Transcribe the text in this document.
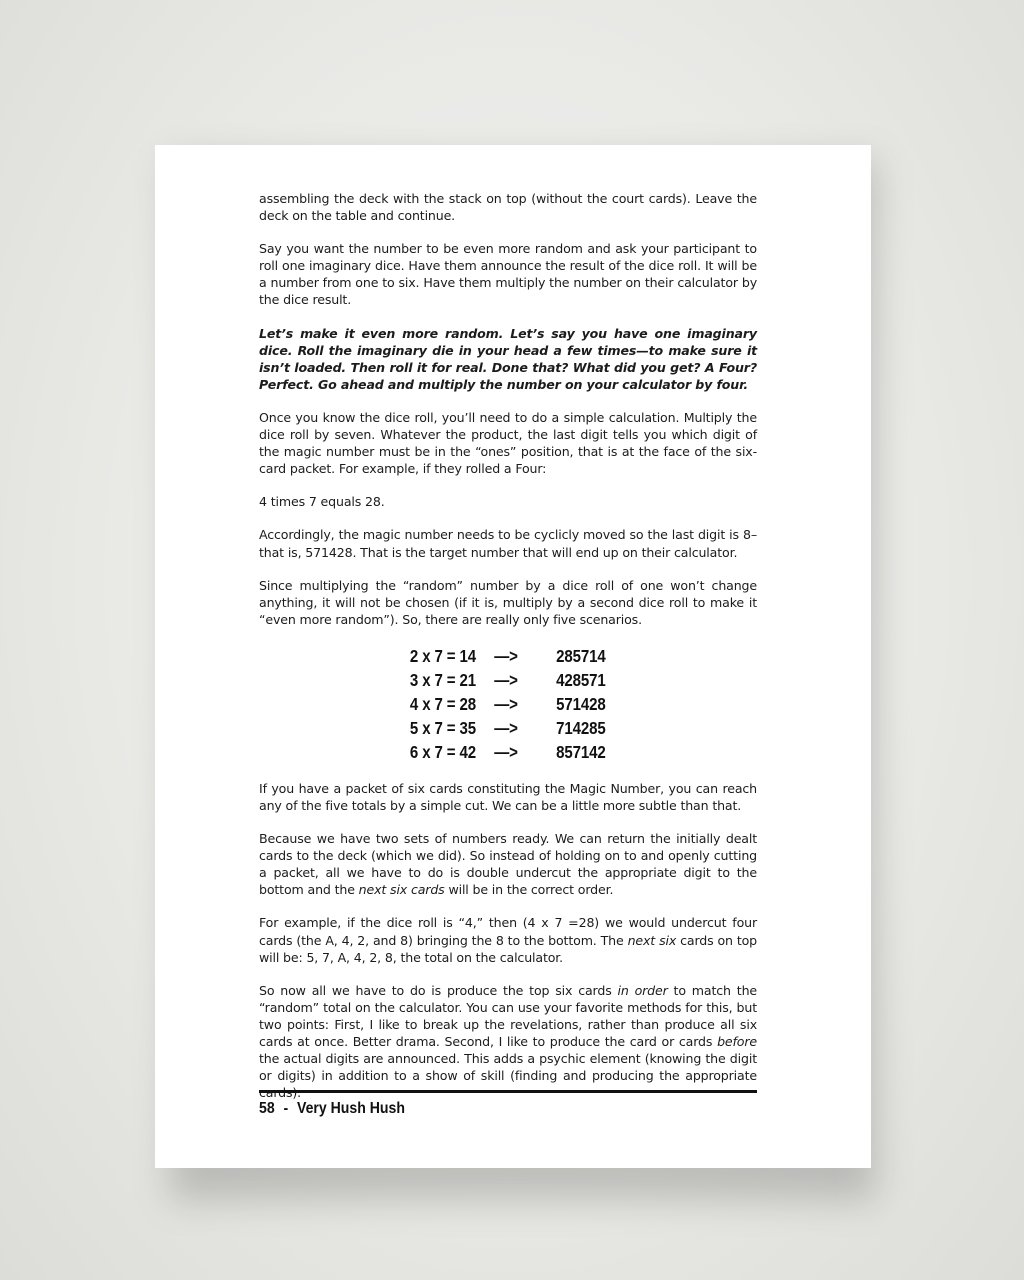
assembling the deck with the stack on top (without the court cards). Leave the deck on the table and continue.

Say you want the number to be even more random and ask your participant to roll one imaginary dice. Have them announce the result of the dice roll. It will be a number from one to six. Have them multiply the number on their calculator by the dice result.

Let’s make it even more random. Let’s say you have one imaginary dice. Roll the imaginary die in your head a few times—to make sure it isn’t loaded. Then roll it for real. Done that? What did you get? A Four? Perfect. Go ahead and multiply the number on your calculator by four.

Once you know the dice roll, you’ll need to do a simple calculation. Multiply the dice roll by seven. Whatever the product, the last digit tells you which digit of the magic number must be in the “ones” position, that is at the face of the six-card packet. For example, if they rolled a Four:

4 times 7 equals 28.

Accordingly, the magic number needs to be cyclicly moved so the last digit is 8– that is, 571428. That is the target number that will end up on their calculator.

Since multiplying the “random” number by a dice roll of one won’t change anything, it will not be chosen (if it is, multiply by a second dice roll to make it “even more random”). So, there are really only five scenarios.

2 x 7 = 14	—>	285714
3 x 7 = 21	—>	428571
4 x 7 = 28	—>	571428
5 x 7 = 35	—>	714285
6 x 7 = 42	—>	857142

If you have a packet of six cards constituting the Magic Number, you can reach any of the five totals by a simple cut. We can be a little more subtle than that.

Because we have two sets of numbers ready. We can return the initially dealt cards to the deck (which we did). So instead of holding on to and openly cutting a packet, all we have to do is double undercut the appropriate digit to the bottom and the next six cards will be in the correct order.

For example, if the dice roll is “4,” then (4 x 7 =28) we would undercut four cards (the A, 4, 2, and 8) bringing the 8 to the bottom. The next six cards on top will be: 5, 7, A, 4, 2, 8, the total on the calculator.

So now all we have to do is produce the top six cards in order to match the “random” total on the calculator. You can use your favorite methods for this, but two points: First, I like to break up the revelations, rather than produce all six cards at once. Better drama. Second, I like to produce the card or cards before the actual digits are announced. This adds a psychic element (knowing the digit or digits) in addition to a show of skill (finding and producing the appropriate

58 - Very Hush Hush
